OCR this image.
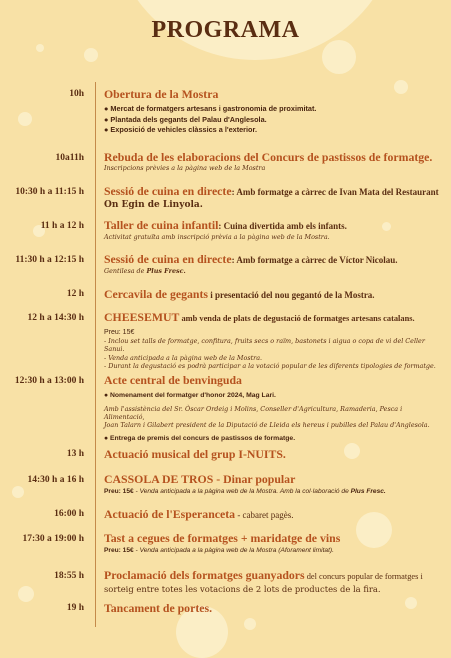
PROGRAMA
10h Obertura de la Mostra
● Mercat de formatgers artesans i gastronomia de proximitat.
● Plantada dels gegants del Palau d'Anglesola.
● Exposició de vehicles clàssics a l'exterior.
10a11h Rebuda de les elaboracions del Concurs de pastissos de formatge.
Inscripcions prèvies a la pàgina web de la Mostra
10:30 h a 11:15 h Sessió de cuina en directe: Amb formatge a càrrec de Ivan Mata del Restaurant
On Egin de Linyola.
11 h a 12 h Taller de cuina infantil: Cuina divertida amb els infants.
Activitat gratuïta amb inscripció prèvia a la pàgina web de la Mostra.
11:30 h a 12:15 h Sessió de cuina en directe: Amb formatge a càrrec de Víctor Nicolau.
Gentilesa de Plus Fresc.
12 h Cercavila de gegants i presentació del nou gegantó de la Mostra.
12 h a 14:30 h CHEESEMUT amb venda de plats de degustació de formatges artesans catalans.
Preu: 15€
- Inclou set talls de formatge, confitura, fruits secs o raïm, bastonets i aigua o copa de vi del Celler Sanui.
- Venda anticipada a la pàgina web de la Mostra.
- Durant la degustació es podrà participar a la votació popular de les diferents tipologies de formatge.
12:30 h a 13:00 h Acte central de benvinguda
● Nomenament del formatger d'honor 2024, Mag Lari.
Amb l'assistència del Sr. Òscar Ordeig i Molins, Conseller d'Agricultura, Ramaderia, Pesca i Alimentació,
Joan Talarn i Gilabert president de la Diputació de Lleida els hereus i pubilles del Palau d'Anglesola.
● Entrega de premis del concurs de pastissos de formatge.
13 h Actuació musical del grup I-NUITS.
14:30 h a 16 h CASSOLA DE TROS - Dinar popular
Preu: 15€ - Venda anticipada a la pàgina web de la Mostra. Amb la col·laboració de Plus Fresc.
16:00 h Actuació de l'Esperanceta - cabaret pagès.
17:30 a 19:00 h Tast a cegues de formatges + maridatge de vins
Preu: 15€ - Venda anticipada a la pàgina web de la Mostra (Aforament limitat).
18:55 h Proclamació dels formatges guanyadors del concurs popular de formatges i
sorteig entre totes les votacions de 2 lots de productes de la fira.
19 h Tancament de portes.
